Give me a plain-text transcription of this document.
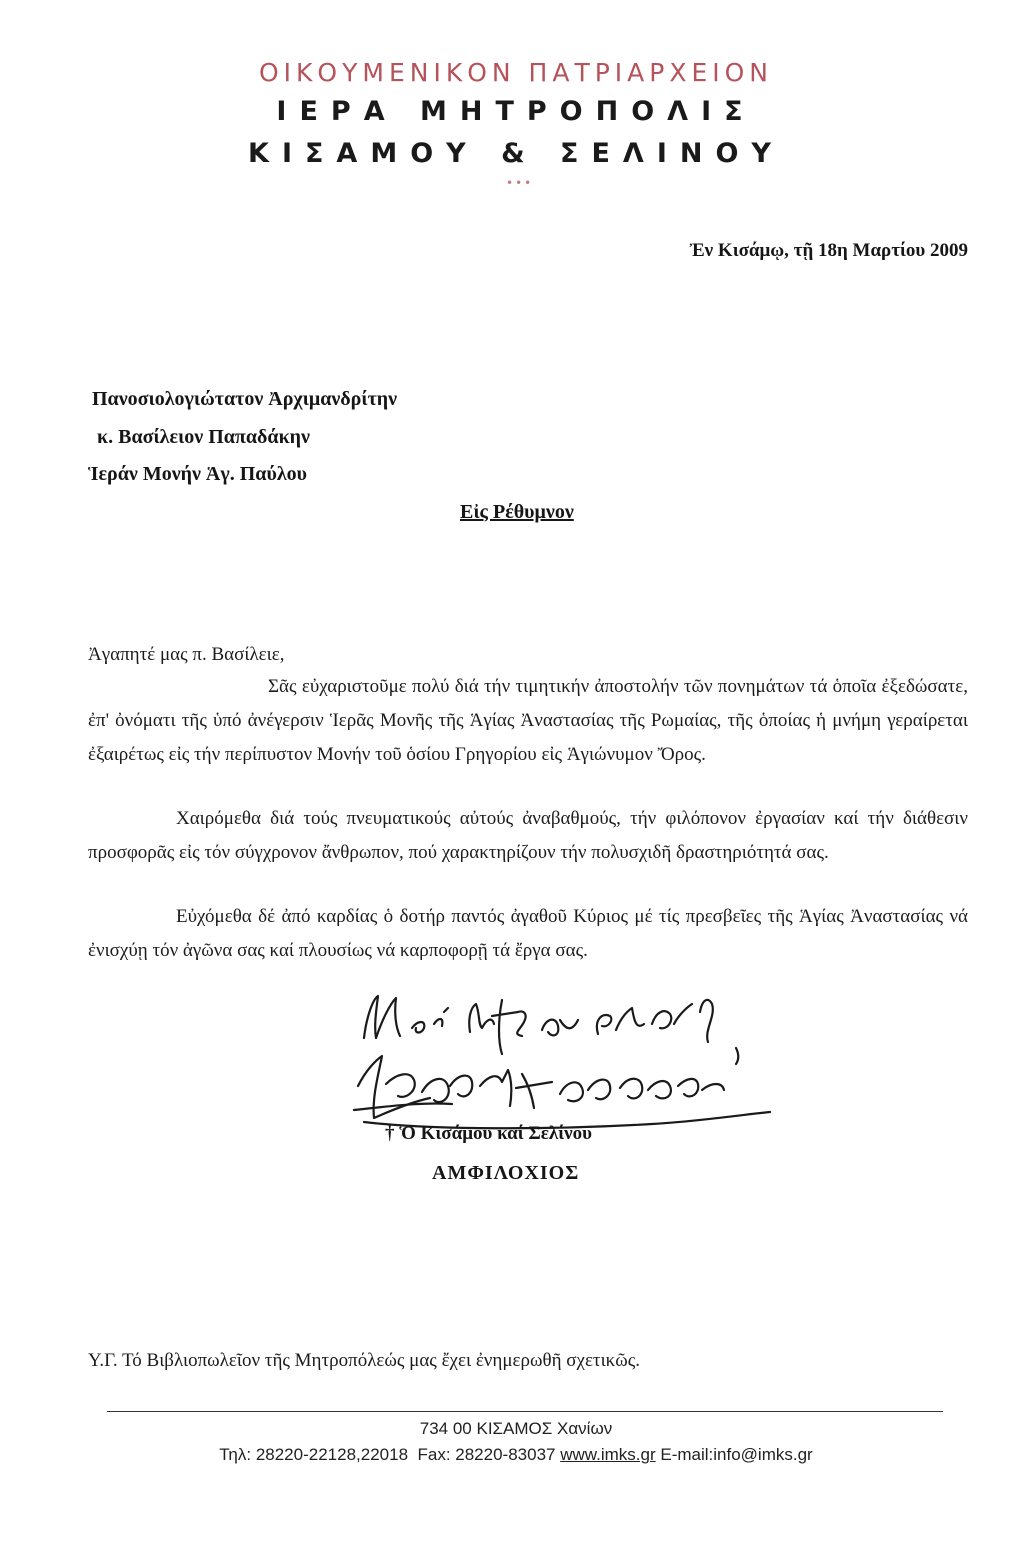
ΟΙΚΟΥΜΕΝΙΚΟΝ ΠΑΤΡΙΑΡΧΕΙΟΝ
ΙΕΡΑ ΜΗΤΡΟΠΟΛΙΣ
ΚΙΣΑΜΟΥ & ΣΕΛΙΝΟΥ
•••
Ἐν Κισάμῳ, τῇ 18η Μαρτίου 2009
Πανοσιολογιώτατον Ἀρχιμανδρίτην
κ. Βασίλειον Παπαδάκην
Ἱεράν Μονήν Ἁγ. Παύλου
Εἰς Ρέθυμνον
Ἀγαπητέ μας π. Βασίλειε,
Σᾶς εὐχαριστοῦμε πολύ διά τήν τιμητικήν ἀποστολήν τῶν πονημάτων τά ὁποῖα ἐξεδώσατε, ἐπ' ὀνόματι τῆς ὑπό ἀνέγερσιν Ἱερᾶς Μονῆς τῆς Ἁγίας Ἀναστασίας τῆς Ρωμαίας, τῆς ὁποίας ἡ μνήμη γεραίρεται ἐξαιρέτως εἰς τήν περίπυστον Μονήν τοῦ ὁσίου Γρηγορίου εἰς Ἁγιώνυμον Ὄρος.
Χαιρόμεθα διά τούς πνευματικούς αὐτούς ἀναβαθμούς, τήν φιλόπονον ἐργασίαν καί τήν διάθεσιν προσφορᾶς εἰς τόν σύγχρονον ἄνθρωπον, πού χαρακτηρίζουν τήν πολυσχιδῆ δραστηριότητά σας.
Εὐχόμεθα δέ ἀπό καρδίας ὁ δοτήρ παντός ἀγαθοῦ Κύριος μέ τίς πρεσβεῖες τῆς Ἁγίας Ἀναστασίας νά ἐνισχύῃ τόν ἀγῶνα σας καί πλουσίως νά καρποφορῇ τά ἔργα σας.
† Ὁ Κισάμου καί Σελίνου
ΑΜΦΙΛΟΧΙΟΣ
Υ.Γ. Τό Βιβλιοπωλεῖον τῆς Μητροπόλεώς μας ἔχει ἐνημερωθῆ σχετικῶς.
734 00 ΚΙΣΑΜΟΣ Χανίων
Τηλ: 28220-22128,22018 Fax: 28220-83037 www.imks.gr E-mail:info@imks.gr
